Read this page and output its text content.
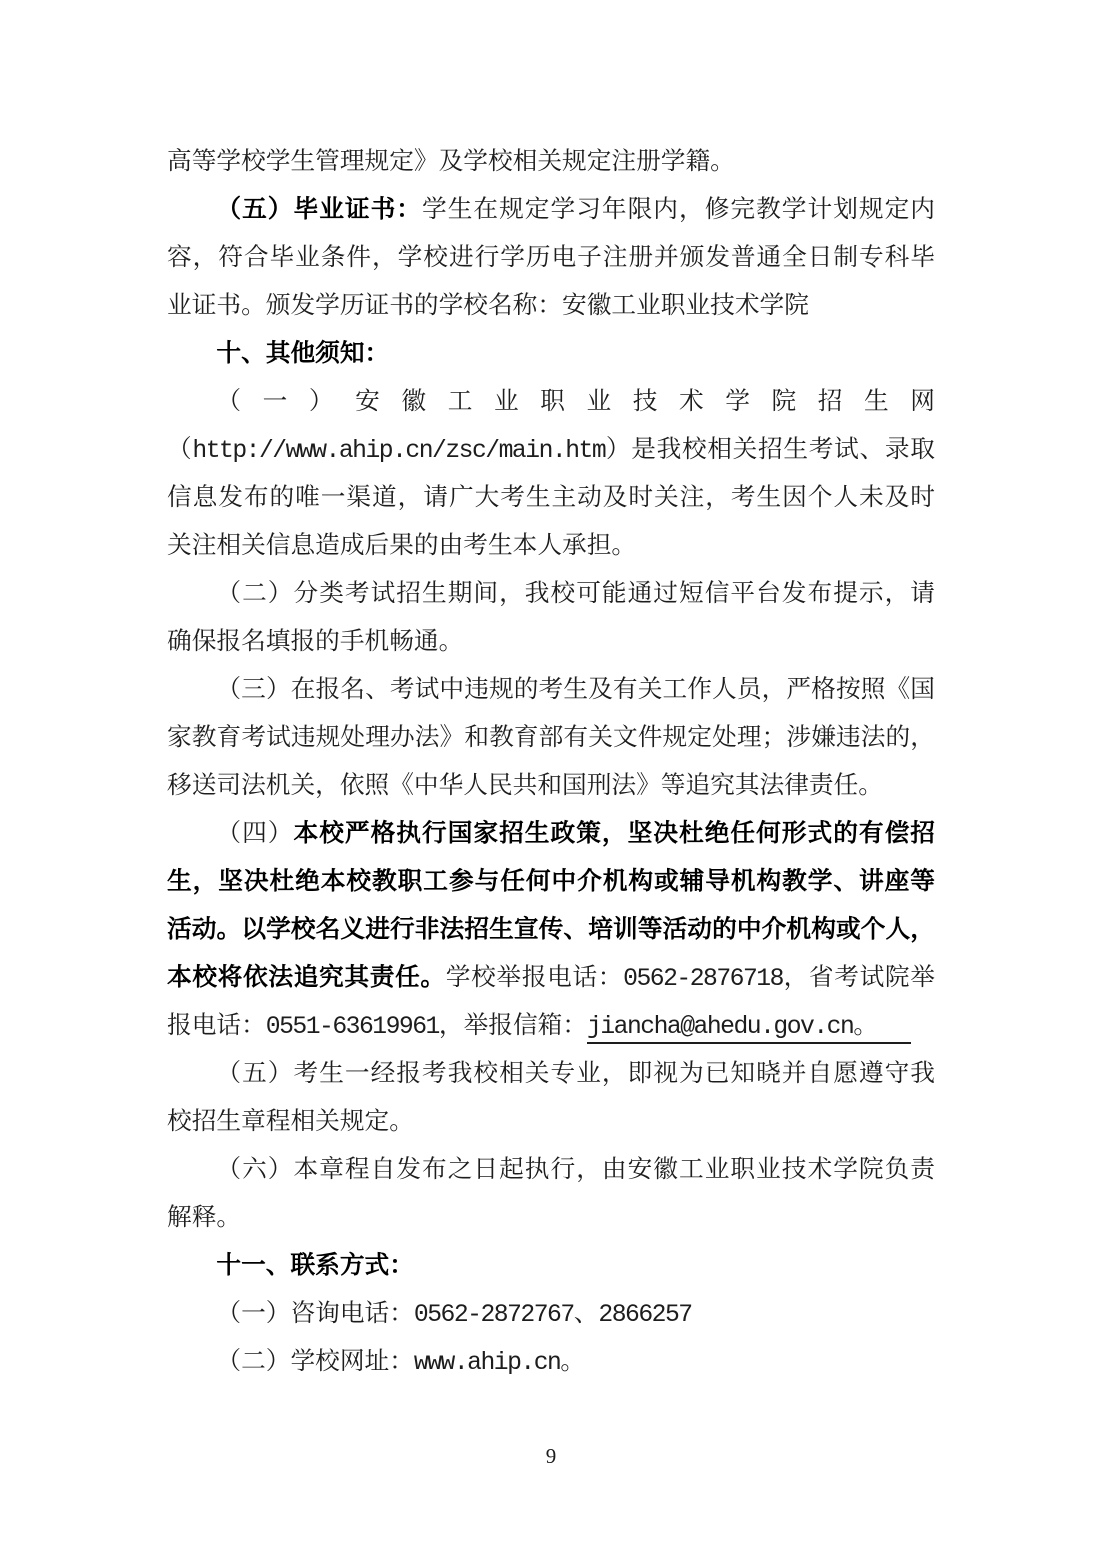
高等学校学生管理规定》及学校相关规定注册学籍。
（五）毕业证书：学生在规定学习年限内，修完教学计划规定内
容，符合毕业条件，学校进行学历电子注册并颁发普通全日制专科毕
业证书。颁发学历证书的学校名称：安徽工业职业技术学院
十、其他须知：
（一）安徽工业职业技术学院招生网
（http://www.ahip.cn/zsc/main.htm）是我校相关招生考试、录取
信息发布的唯一渠道，请广大考生主动及时关注，考生因个人未及时
关注相关信息造成后果的由考生本人承担。
（二）分类考试招生期间，我校可能通过短信平台发布提示，请
确保报名填报的手机畅通。
（三）在报名、考试中违规的考生及有关工作人员，严格按照《国
家教育考试违规处理办法》和教育部有关文件规定处理；涉嫌违法的，
移送司法机关，依照《中华人民共和国刑法》等追究其法律责任。
（四）本校严格执行国家招生政策，坚决杜绝任何形式的有偿招
生，坚决杜绝本校教职工参与任何中介机构或辅导机构教学、讲座等
活动。以学校名义进行非法招生宣传、培训等活动的中介机构或个人，
本校将依法追究其责任。学校举报电话：0562-2876718，省考试院举
报电话：0551-63619961，举报信箱：jiancha@ahedu.gov.cn。
（五）考生一经报考我校相关专业，即视为已知晓并自愿遵守我
校招生章程相关规定。
（六）本章程自发布之日起执行，由安徽工业职业技术学院负责
解释。
十一、联系方式：
（一）咨询电话：0562-2872767、2866257
（二）学校网址：www.ahip.cn。
9
